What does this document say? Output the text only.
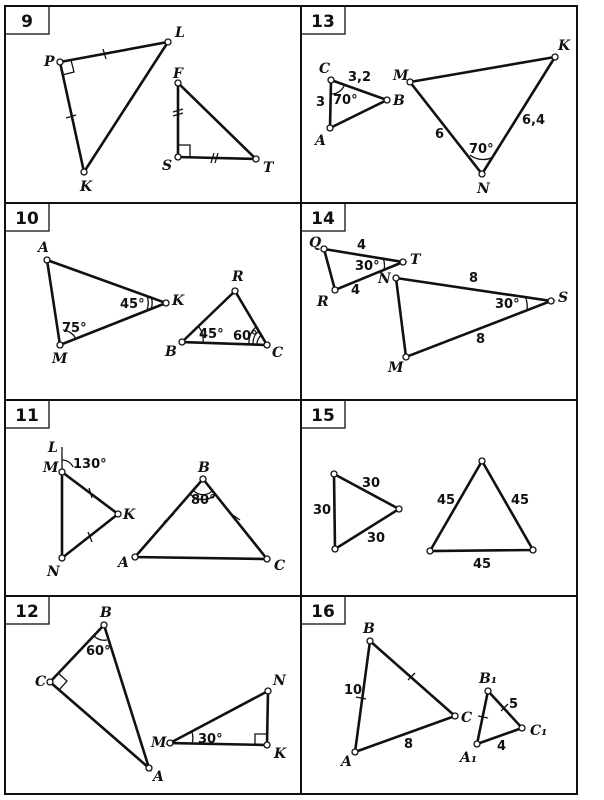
9	13
10	14
11	15
12	16
P
L
K
F
S	T
C
B
A
3,2
3 70°
M
K
N
6
6,4
70°
A
K
M
45°
75°
R
B	C
45° 60°
Q
T
R
4
30°
4
N
S
M
8
30°
8
L
M
K
N
130°	B
A	C
80°
30
30
30
45	45
45
B
C
A
60°
N
M
K
30°
B
C
A
10
8
B₁
C₁
A₁
5
4
